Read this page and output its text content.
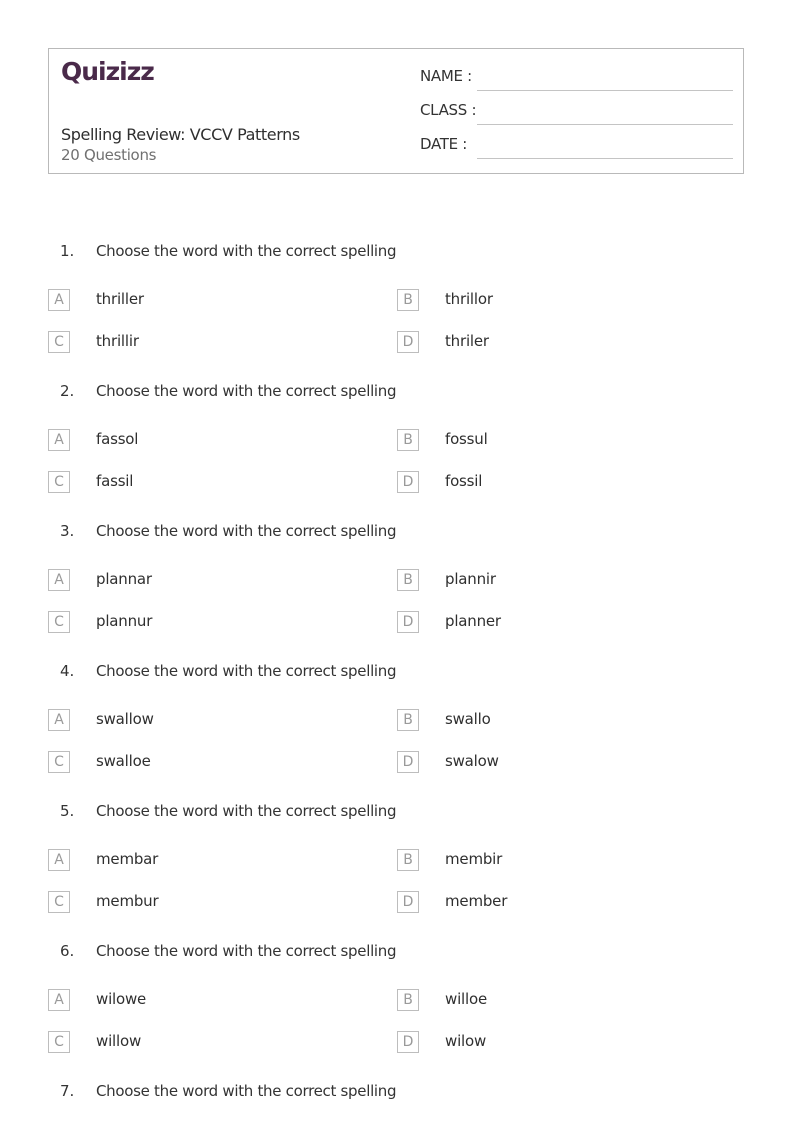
Quizizz
Spelling Review: VCCV Patterns
20 Questions
NAME :
CLASS :
DATE :
1. Choose the word with the correct spelling
A	thriller	B	thrillor
C	thrillir	D	thriler
2. Choose the word with the correct spelling
A	fassol	B	fossul
C	fassil	D	fossil
3. Choose the word with the correct spelling
A	plannar	B	plannir
C	plannur	D	planner
4. Choose the word with the correct spelling
A	swallow	B	swallo
C	swalloe	D	swalow
5. Choose the word with the correct spelling
A	membar	B	membir
C	membur	D	member
6. Choose the word with the correct spelling
A	wilowe	B	willoe
C	willow	D	wilow
7. Choose the word with the correct spelling
